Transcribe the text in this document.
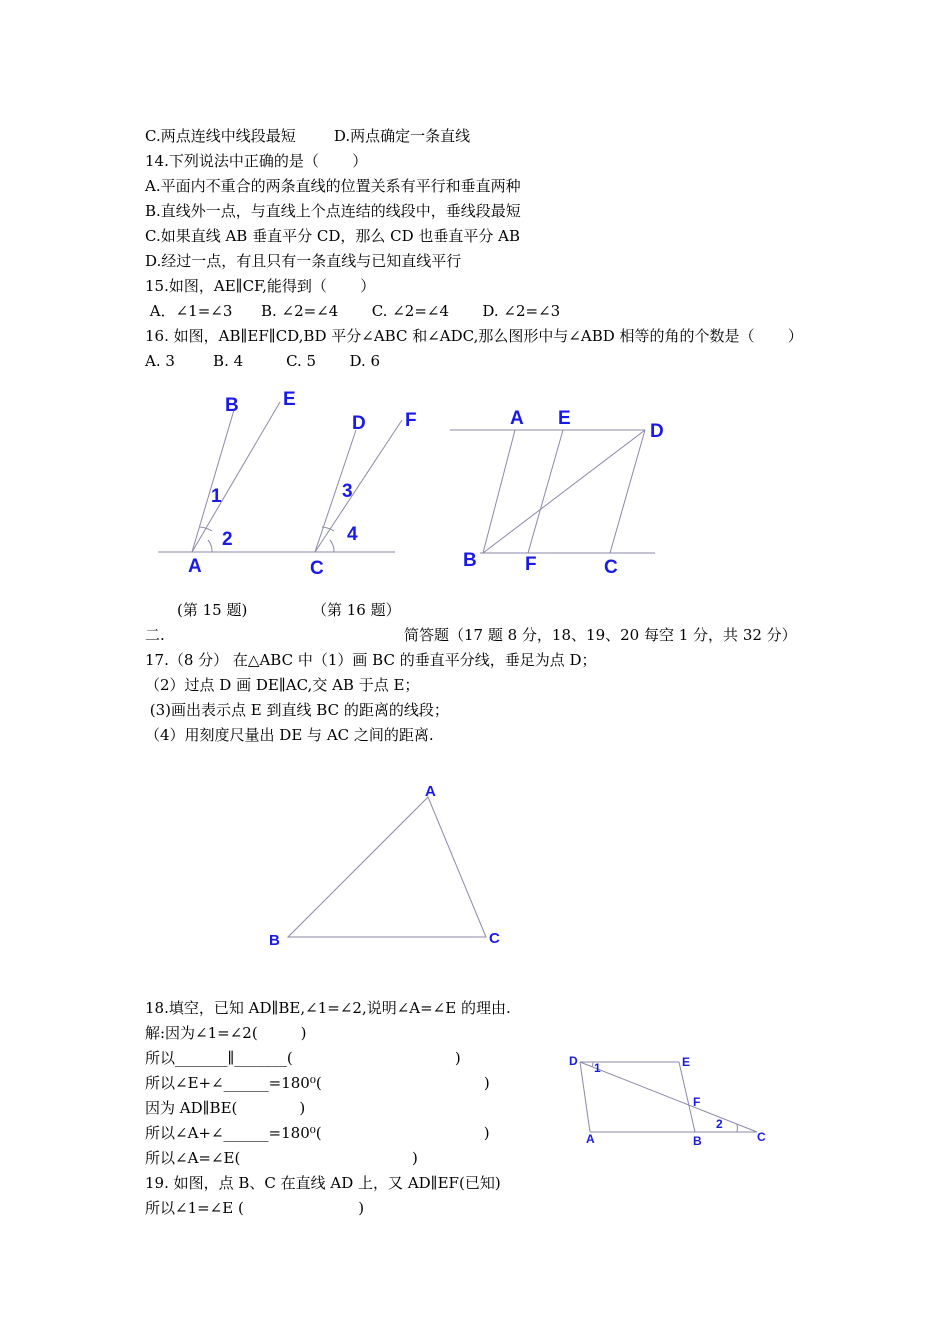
C.两点连线中线段最短        D.两点确定一条直线
14.下列说法中正确的是（       ）
A.平面内不重合的两条直线的位置关系有平行和垂直两种
B.直线外一点，与直线上个点连结的线段中，垂线段最短
C.如果直线 AB 垂直平分 CD，那么 CD 也垂直平分 AB
D.经过一点，有且只有一条直线与已知直线平行
15.如图，AE∥CF,能得到（       ）
A．∠1=∠3      B. ∠2=∠4       C. ∠2=∠4       D. ∠2=∠3
16. 如图，AB∥EF∥CD,BD 平分∠ABC 和∠ADC,那么图形中与∠ABD 相等的角的个数是（       ）
A. 3        B. 4         C. 5       D. 6
B E
D F
1
2
3
4
A	C
A E
D
B	F	C
(第 15 题)	（第 16 题）
二.	简答题（17 题 8 分，18、19、20 每空 1 分，共 32 分）
17.（8 分） 在△ABC 中（1）画 BC 的垂直平分线，垂足为点 D；
（2）过点 D 画 DE∥AC,交 AB 于点 E；
(3)画出表示点 E 到直线 BC 的距离的线段；
（4）用刻度尺量出 DE 与 AC 之间的距离.
A
B	C
18.填空，已知 AD∥BE,∠1=∠2,说明∠A=∠E 的理由.
解:因为∠1=∠2(         )
所以_______∥_______(                                  )
所以∠E+∠______=180⁰(                                  )
因为 AD∥BE(             )
所以∠A+∠______=180⁰(                                  )
所以∠A=∠E(                                    )
D	E
1
F
2
A	B	C
19. 如图，点 B、C 在直线 AD 上，又 AD∥EF(已知)
所以∠1=∠E (                        )
